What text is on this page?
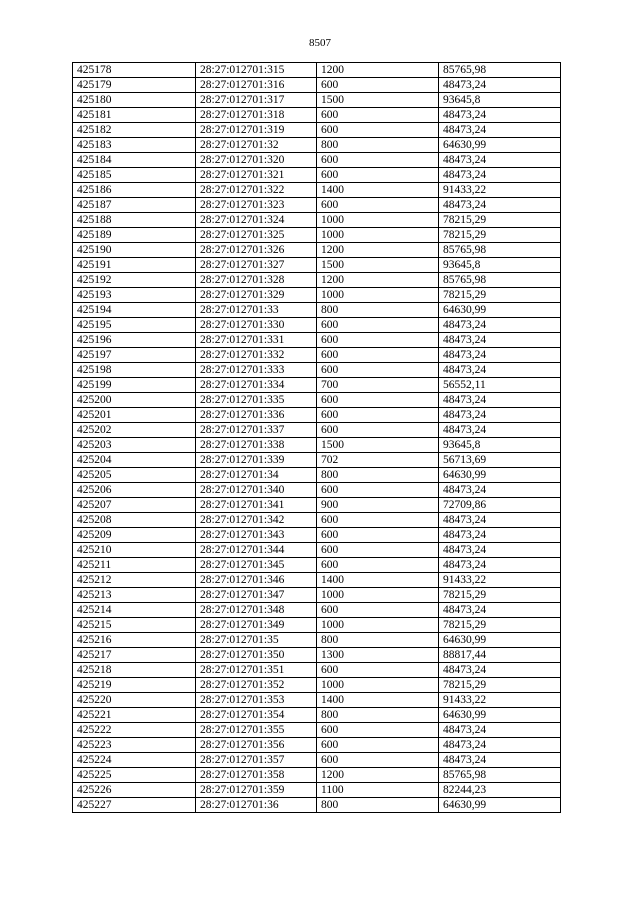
8507
425178	28:27:012701:315	1200	85765,98
425179	28:27:012701:316	600	48473,24
425180	28:27:012701:317	1500	93645,8
425181	28:27:012701:318	600	48473,24
425182	28:27:012701:319	600	48473,24
425183	28:27:012701:32	800	64630,99
425184	28:27:012701:320	600	48473,24
425185	28:27:012701:321	600	48473,24
425186	28:27:012701:322	1400	91433,22
425187	28:27:012701:323	600	48473,24
425188	28:27:012701:324	1000	78215,29
425189	28:27:012701:325	1000	78215,29
425190	28:27:012701:326	1200	85765,98
425191	28:27:012701:327	1500	93645,8
425192	28:27:012701:328	1200	85765,98
425193	28:27:012701:329	1000	78215,29
425194	28:27:012701:33	800	64630,99
425195	28:27:012701:330	600	48473,24
425196	28:27:012701:331	600	48473,24
425197	28:27:012701:332	600	48473,24
425198	28:27:012701:333	600	48473,24
425199	28:27:012701:334	700	56552,11
425200	28:27:012701:335	600	48473,24
425201	28:27:012701:336	600	48473,24
425202	28:27:012701:337	600	48473,24
425203	28:27:012701:338	1500	93645,8
425204	28:27:012701:339	702	56713,69
425205	28:27:012701:34	800	64630,99
425206	28:27:012701:340	600	48473,24
425207	28:27:012701:341	900	72709,86
425208	28:27:012701:342	600	48473,24
425209	28:27:012701:343	600	48473,24
425210	28:27:012701:344	600	48473,24
425211	28:27:012701:345	600	48473,24
425212	28:27:012701:346	1400	91433,22
425213	28:27:012701:347	1000	78215,29
425214	28:27:012701:348	600	48473,24
425215	28:27:012701:349	1000	78215,29
425216	28:27:012701:35	800	64630,99
425217	28:27:012701:350	1300	88817,44
425218	28:27:012701:351	600	48473,24
425219	28:27:012701:352	1000	78215,29
425220	28:27:012701:353	1400	91433,22
425221	28:27:012701:354	800	64630,99
425222	28:27:012701:355	600	48473,24
425223	28:27:012701:356	600	48473,24
425224	28:27:012701:357	600	48473,24
425225	28:27:012701:358	1200	85765,98
425226	28:27:012701:359	1100	82244,23
425227	28:27:012701:36	800	64630,99
